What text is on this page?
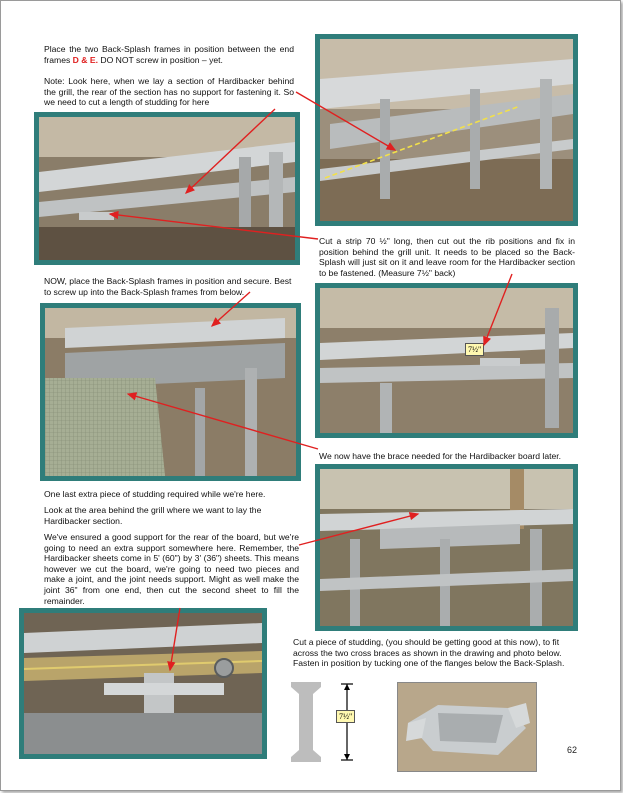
Place the two Back-Splash frames in position between the end frames D & E. DO NOT screw in position – yet.
Note: Look here, when we lay a section of Hardibacker behind the grill, the rear of the section has no support for fastening it. So we need to cut a length of studding for here
Cut a strip 70 ½" long, then cut out the rib positions and fix in position behind the grill unit. It needs to be placed so the Back-Splash will just sit on it and leave room for the Hardibacker section to be fastened. (Measure 7½" back)
NOW, place the Back-Splash frames in position and secure. Best to screw up into the Back-Splash frames from below.
7½"
We now have the brace needed for the Hardibacker board later.
One last extra piece of studding required while we're here.
Look at the area behind the grill where we want to lay the Hardibacker section.
We've ensured a good support for the rear of the board, but we're going to need an extra support somewhere here. Remember, the Hardibacker sheets come in 5' (60") by 3' (36") sheets. This means however we cut the board, we're going to need two pieces and make a joint, and the joint needs support. Might as well make the joint 36" from one end, then cut the second sheet to fill the remainder.
Cut a piece of studding, (you should be getting good at this now), to fit across the two cross braces as shown in the drawing and photo below. Fasten in position by tucking one of the flanges below the Back-Splash.
7½"
62
